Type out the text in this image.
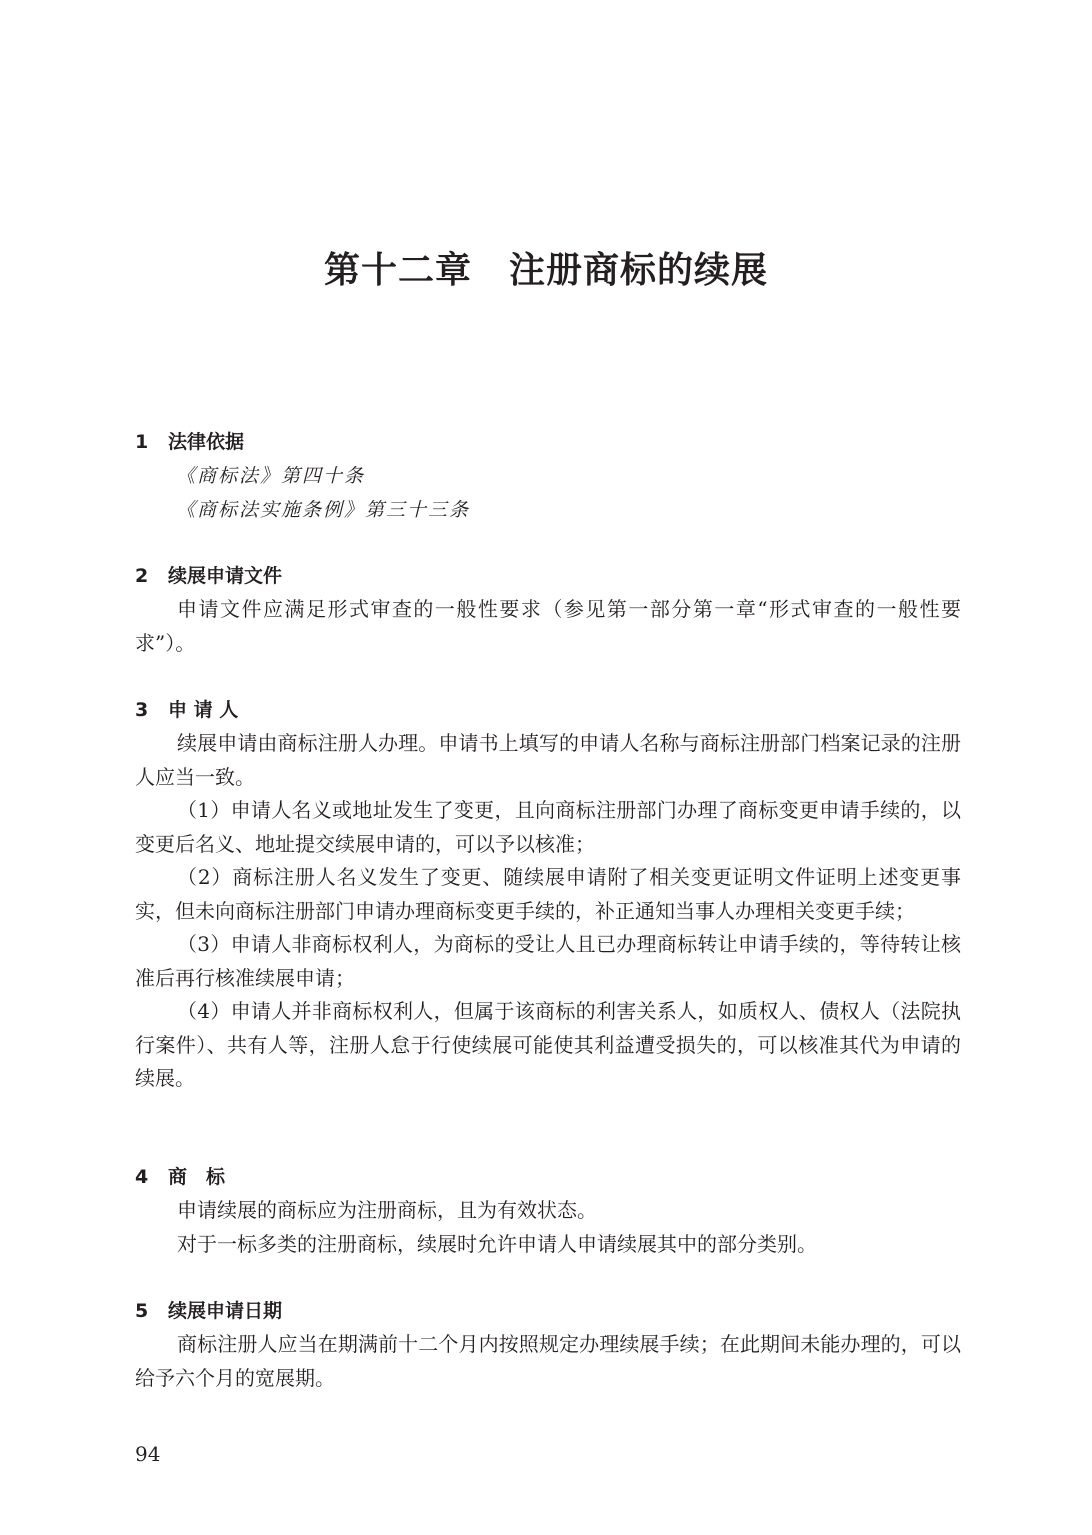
第十二章　注册商标的续展
1 法律依据
《商标法》第四十条
《商标法实施条例》第三十三条
2 续展申请文件

申请文件应满足形式审查的一般性要求（参见第一部分第一章“形式审查的一般性要求”）。

3 申 请 人

续展申请由商标注册人办理。申请书上填写的申请人名称与商标注册部门档案记录的注册人应当一致。

（1）申请人名义或地址发生了变更，且向商标注册部门办理了商标变更申请手续的，以变更后名义、地址提交续展申请的，可以予以核准；

（2）商标注册人名义发生了变更、随续展申请附了相关变更证明文件证明上述变更事实，但未向商标注册部门申请办理商标变更手续的，补正通知当事人办理相关变更手续；

（3）申请人非商标权利人，为商标的受让人且已办理商标转让申请手续的，等待转让核准后再行核准续展申请；

（4）申请人并非商标权利人，但属于该商标的利害关系人，如质权人、债权人（法院执行案件）、共有人等，注册人怠于行使续展可能使其利益遭受损失的，可以核准其代为申请的续展。

4 商　标

申请续展的商标应为注册商标，且为有效状态。

对于一标多类的注册商标，续展时允许申请人申请续展其中的部分类别。

5 续展申请日期

商标注册人应当在期满前十二个月内按照规定办理续展手续；在此期间未能办理的，可以给予六个月的宽展期。

94
